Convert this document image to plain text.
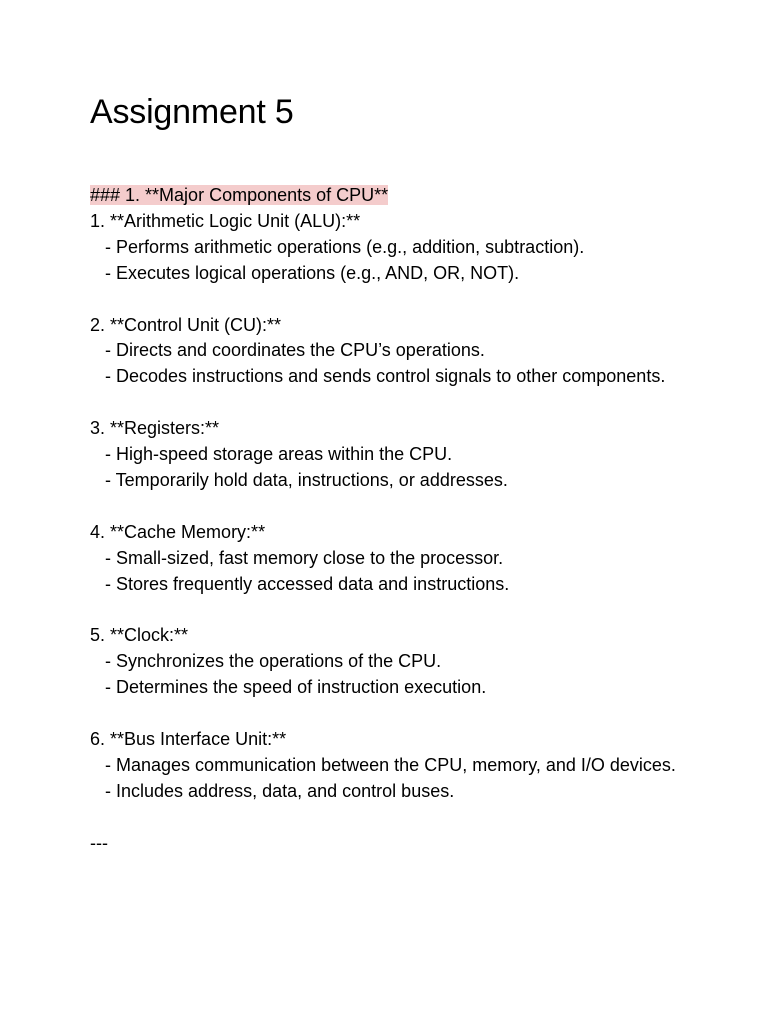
Assignment 5
### 1. **Major Components of CPU**
1. **Arithmetic Logic Unit (ALU):**
- Performs arithmetic operations (e.g., addition, subtraction).
- Executes logical operations (e.g., AND, OR, NOT).
2. **Control Unit (CU):**
- Directs and coordinates the CPU’s operations.
- Decodes instructions and sends control signals to other components.
3. **Registers:**
- High-speed storage areas within the CPU.
- Temporarily hold data, instructions, or addresses.
4. **Cache Memory:**
- Small-sized, fast memory close to the processor.
- Stores frequently accessed data and instructions.
5. **Clock:**
- Synchronizes the operations of the CPU.
- Determines the speed of instruction execution.
6. **Bus Interface Unit:**
- Manages communication between the CPU, memory, and I/O devices.
- Includes address, data, and control buses.
---
